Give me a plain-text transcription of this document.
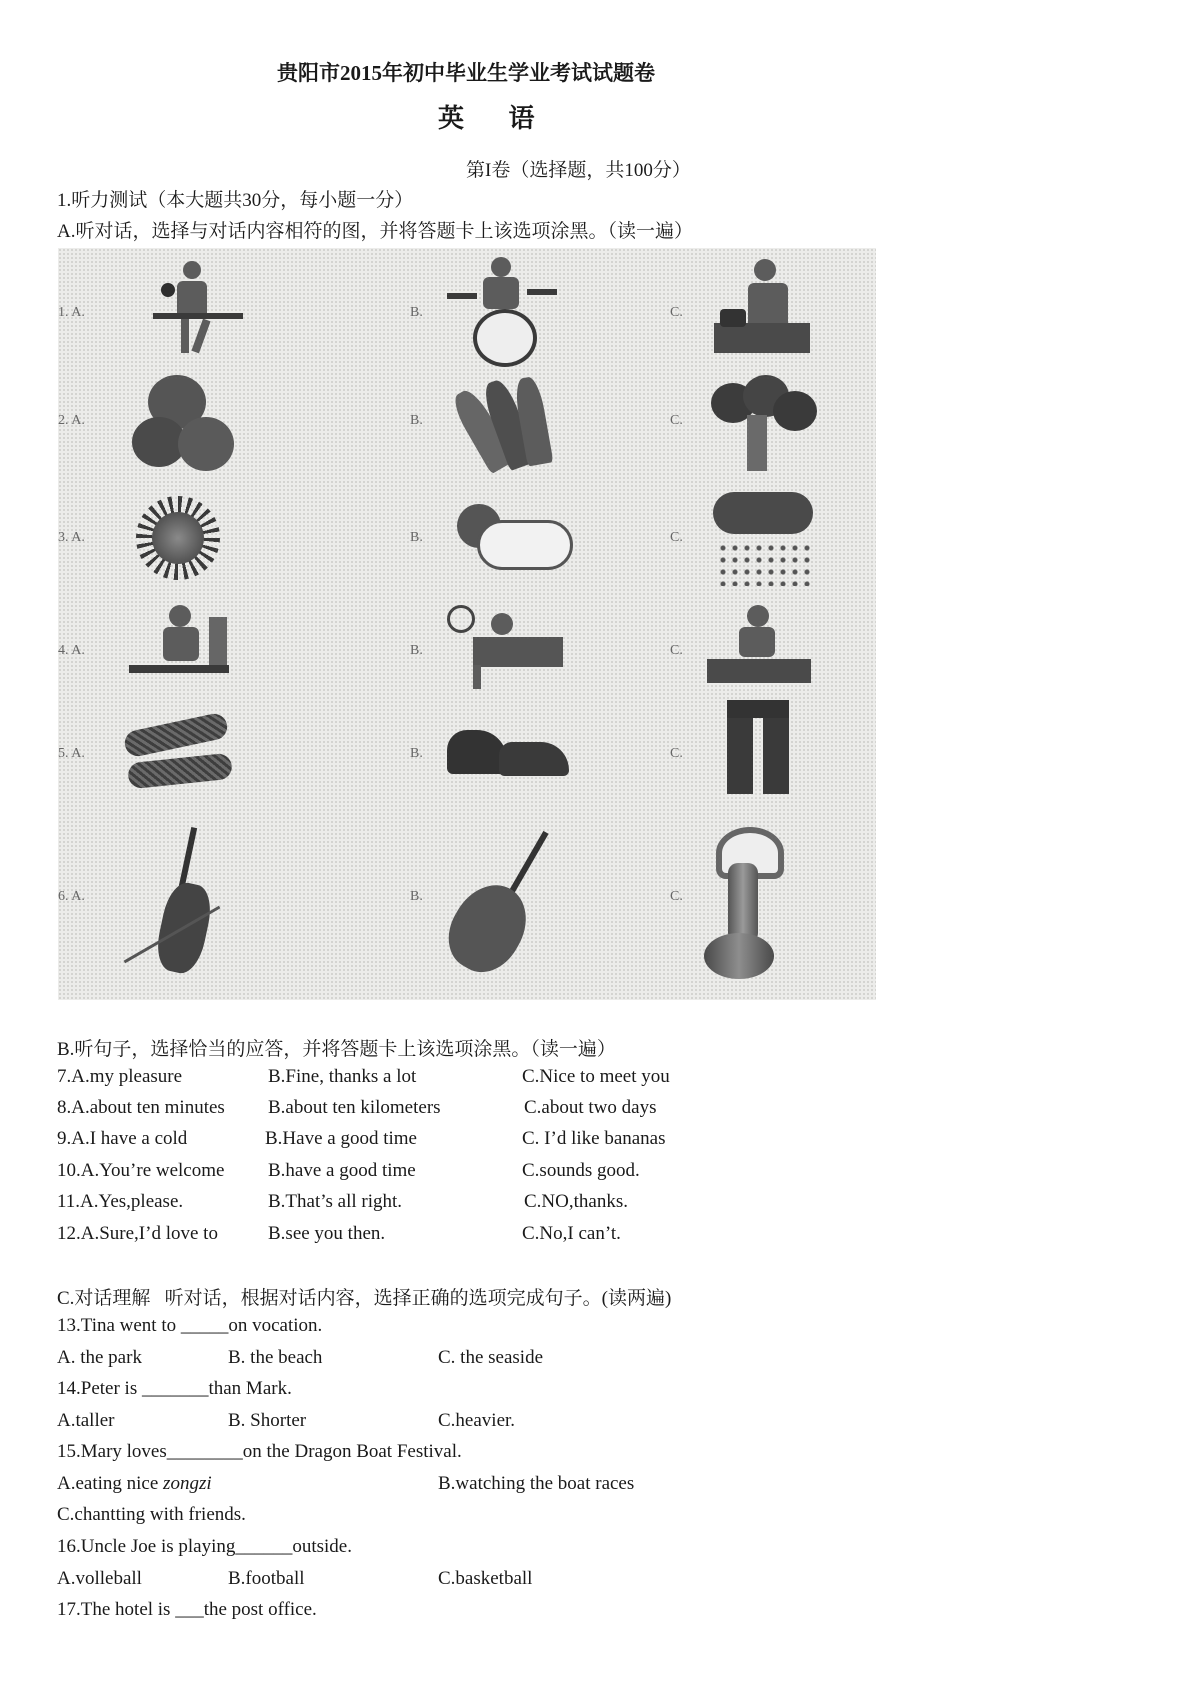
贵阳市2015年初中毕业生学业考试试题卷
英     语
第I卷（选择题，共100分）
1.听力测试（本大题共30分，每小题一分）
A.听对话，选择与对话内容相符的图，并将答题卡上该选项涂黑。（读一遍）
1. A.	B.	C.
2. A.	B.	C.
3. A.	B.	C.
4. A.	B.	C.
5. A.	B.	C.
6. A.	B.	C.
B.听句子，选择恰当的应答，并将答题卡上该选项涂黑。（读一遍）
7.A.my pleasure	B.Fine, thanks a lot	C.Nice to meet you
8.A.about ten minutes B.about ten kilometers	C.about two days
9.A.I have a cold	B.Have a good time	C. I’d like bananas
10.A.You’re welcome B.have a good time	C.sounds good.
11.A.Yes,please.	B.That’s all right.	C.NO,thanks.
12.A.Sure,I’d love to	B.see you then.	C.No,I can’t.
C.对话理解   听对话，根据对话内容，选择正确的选项完成句子。(读两遍)
13.Tina went to _____on vocation.
A. the park	B. the beach	C. the seaside
14.Peter is _______than Mark.
A.taller	B. Shorter	C.heavier.
15.Mary loves________on the Dragon Boat Festival.
A.eating nice zongzi	B.watching the boat races
C.chantting with friends.
16.Uncle Joe is playing______outside.
A.volleball	B.football	C.basketball
17.The hotel is ___the post office.
